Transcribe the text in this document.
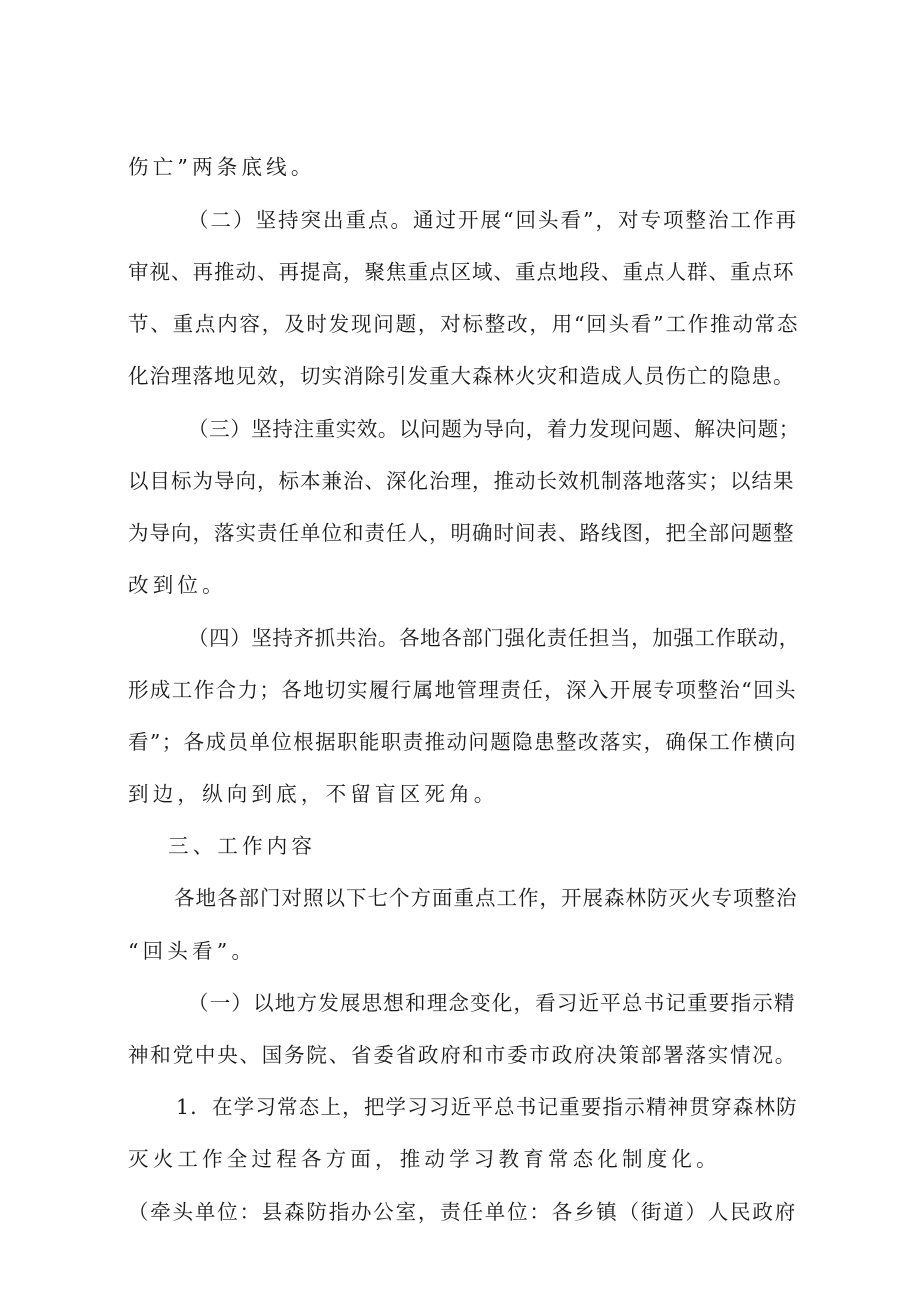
伤亡”两条底线。
（二）坚持突出重点。通过开展“回头看”，对专项整治工作再
审视、再推动、再提高，聚焦重点区域、重点地段、重点人群、重点环
节、重点内容，及时发现问题，对标整改，用“回头看”工作推动常态
化治理落地见效，切实消除引发重大森林火灾和造成人员伤亡的隐患。
（三）坚持注重实效。以问题为导向，着力发现问题、解决问题；
以目标为导向，标本兼治、深化治理，推动长效机制落地落实；以结果
为导向，落实责任单位和责任人，明确时间表、路线图，把全部问题整
改到位。
（四）坚持齐抓共治。各地各部门强化责任担当，加强工作联动，
形成工作合力；各地切实履行属地管理责任，深入开展专项整治“回头
看”；各成员单位根据职能职责推动问题隐患整改落实，确保工作横向
到边，纵向到底，不留盲区死角。
三、工作内容
各地各部门对照以下七个方面重点工作，开展森林防灭火专项整治
“回头看”。
（一）以地方发展思想和理念变化，看习近平总书记重要指示精
神和党中央、国务院、省委省政府和市委市政府决策部署落实情况。
1．在学习常态上，把学习习近平总书记重要指示精神贯穿森林防
灭火工作全过程各方面，推动学习教育常态化制度化。
（牵头单位：县森防指办公室，责任单位：各乡镇（街道）人民政府
